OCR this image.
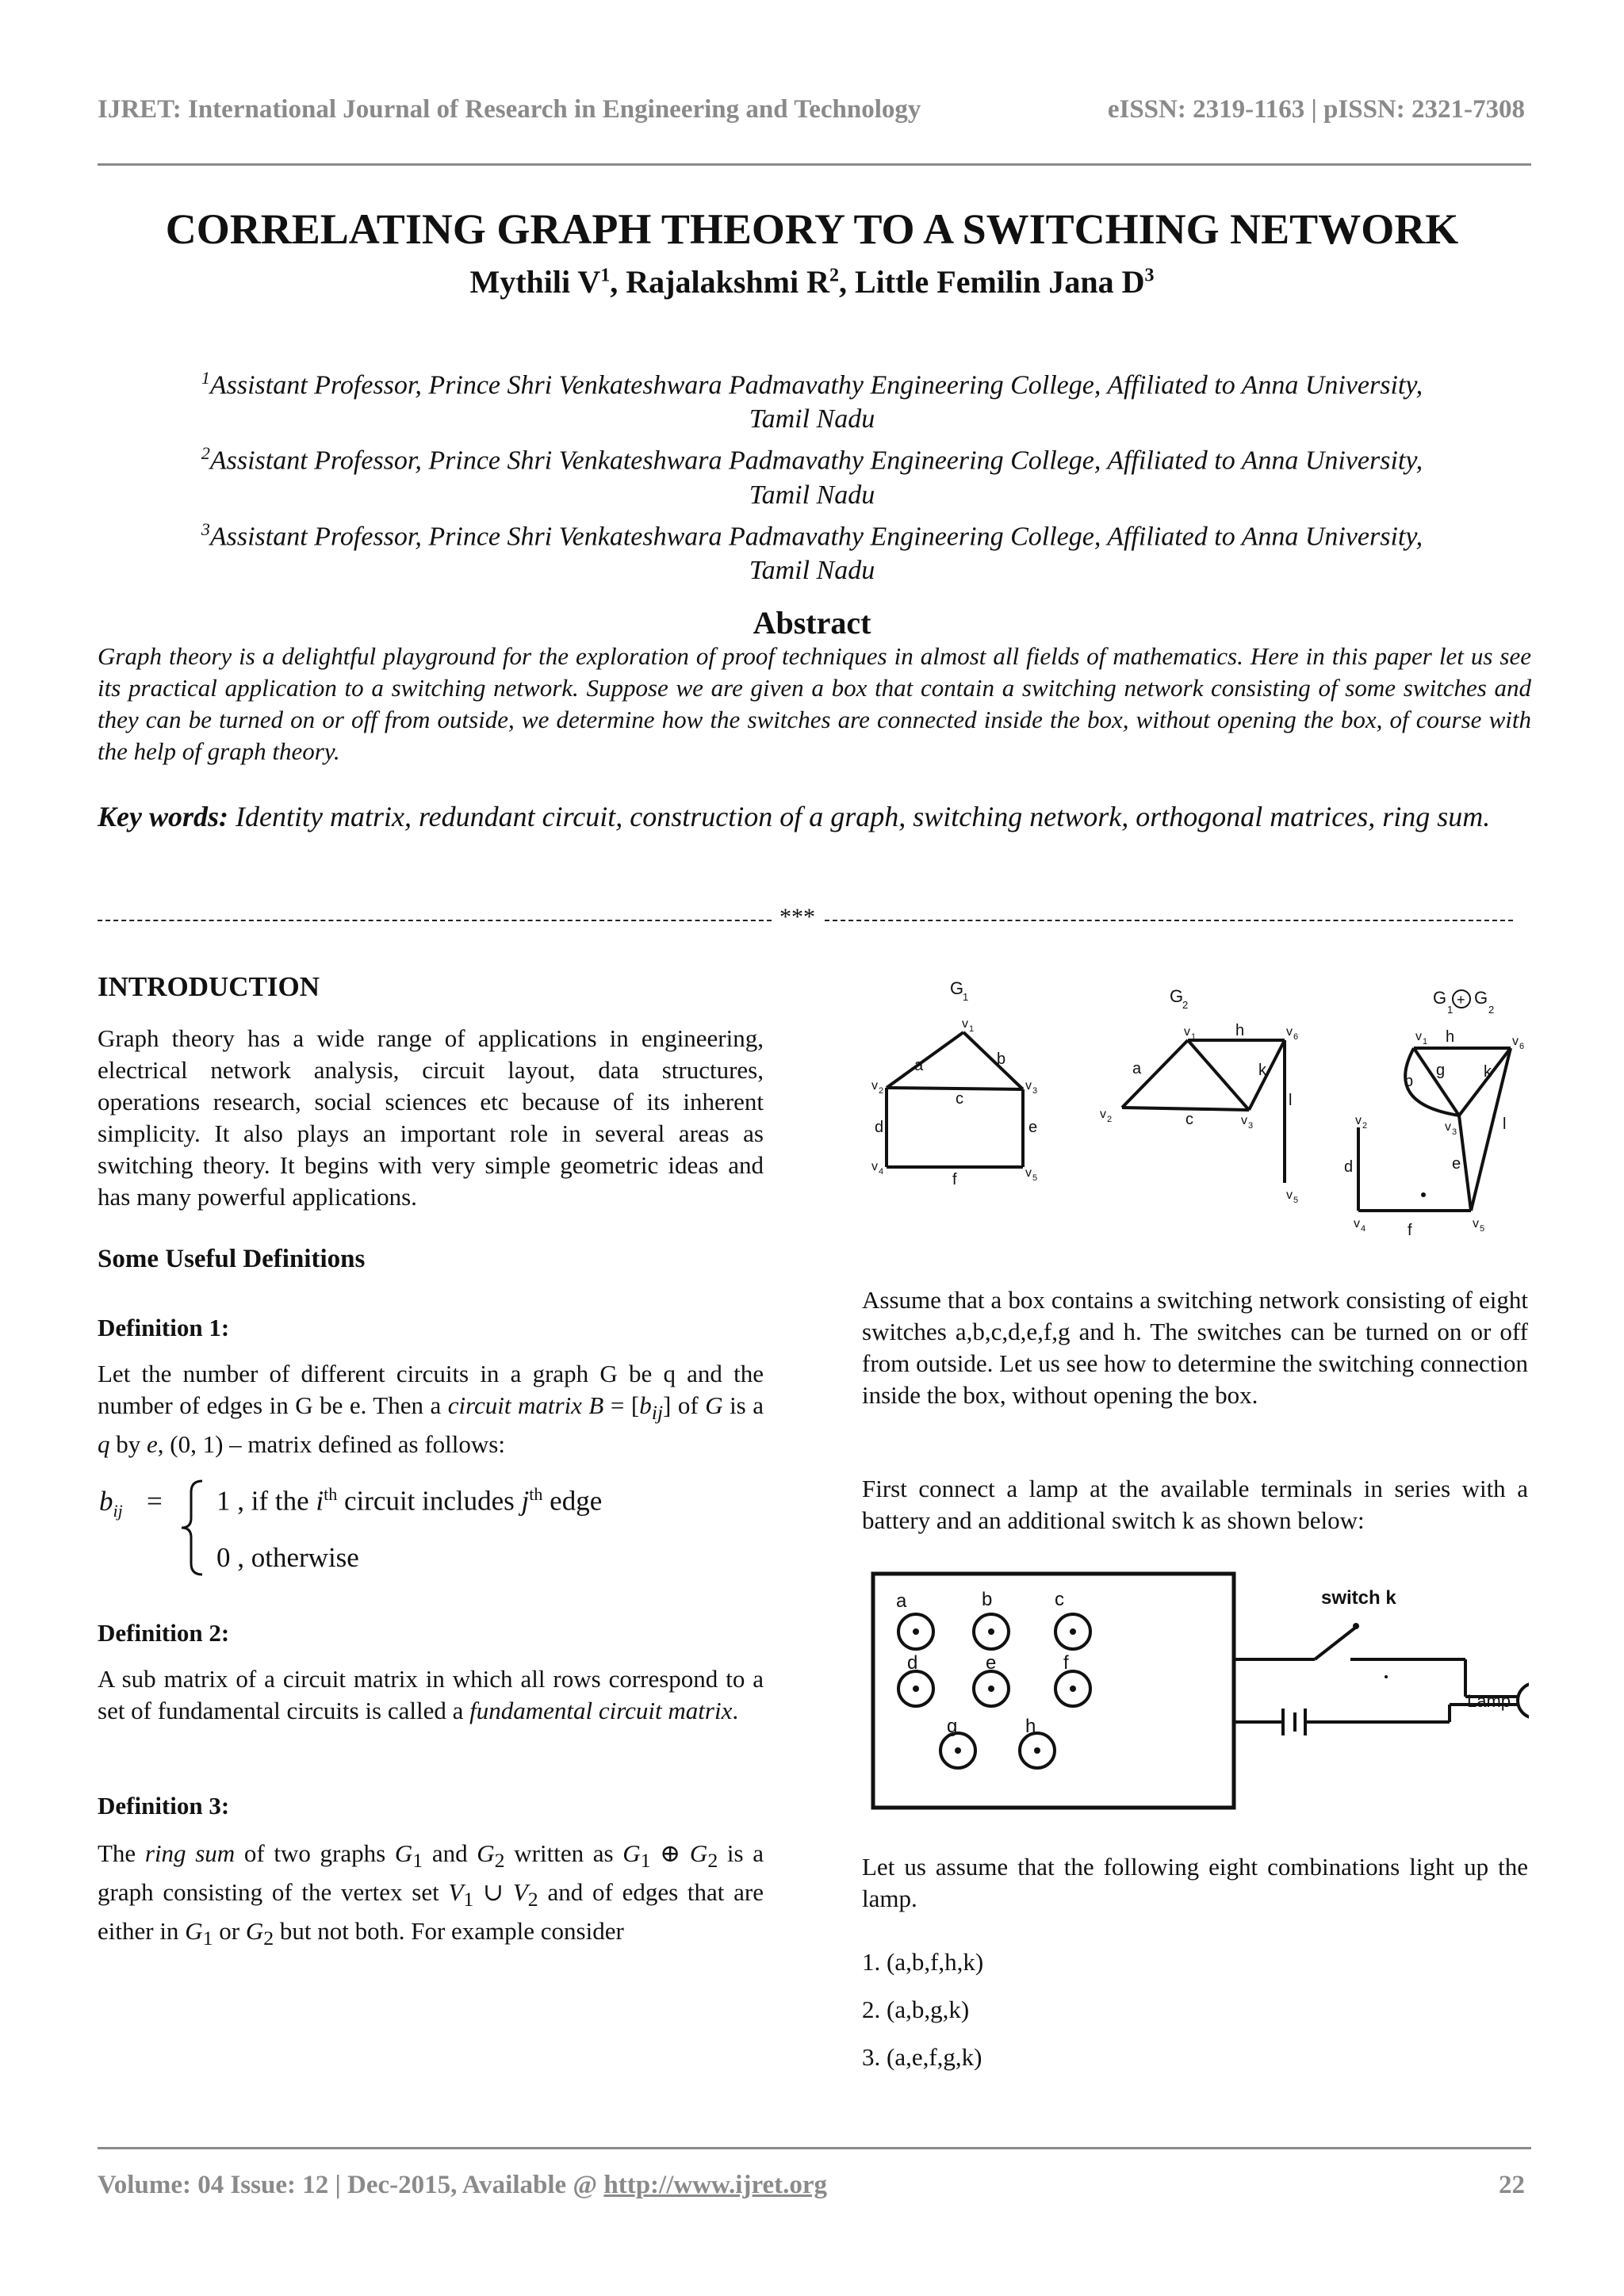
IJRET: International Journal of Research in Engineering and Technology	eISSN: 2319-1163 | pISSN: 2321-7308
CORRELATING GRAPH THEORY TO A SWITCHING NETWORK
Mythili $V^1$, Rajalakshmi $R^2$, Little Femilin Jana $D^3$
$^1$Assistant Professor, Prince Shri Venkateshwara Padmavathy Engineering College, Affiliated to Anna University,
Tamil Nadu
$^2$Assistant Professor, Prince Shri Venkateshwara Padmavathy Engineering College, Affiliated to Anna University,
Tamil Nadu
$^3$Assistant Professor, Prince Shri Venkateshwara Padmavathy Engineering College, Affiliated to Anna University,
Tamil Nadu
Abstract
Graph theory is a delightful playground for the exploration of proof techniques in almost all fields of mathematics. Here in this paper let us see its practical application to a switching network. Suppose we are given a box that contain a switching network consisting of some switches and they can be turned on or off from outside, we determine how the switches are connected inside the box, without opening the box, of course with the help of graph theory.
Key words: Identity matrix, redundant circuit, construction of a graph, switching network, orthogonal matrices, ring sum.
***
INTRODUCTION
Graph theory has a wide range of applications in engineering, electrical network analysis, circuit layout, data structures, operations research, social sciences etc because of its inherent simplicity. It also plays an important role in several areas as switching theory. It begins with very simple geometric ideas and has many powerful applications.
Some Useful Definitions
Definition 1:
Let the number of different circuits in a graph G be q and the number of edges in G be e. Then a circuit matrix $B = [b_{ij}]$ of G is a q by e, (0, 1) – matrix defined as follows:
$b_{ij} = 1$ , if the $i^{th}$ circuit includes $j^{th}$ edge
0 , otherwise
Definition 2:
A sub matrix of a circuit matrix in which all rows correspond to a set of fundamental circuits is called a fundamental circuit matrix.
Definition 3:
The ring sum of two graphs $G_1$ and $G_2$ written as $G_1$ ⊕ $G_2$ is a graph consisting of the vertex set $V_1$ ∪ $V_2$ and of edges that are either in $G_1$ or $G_2$ but not both. For example consider
G
1
a	b
c
d	e
f
v
v	v
v	v
G
2
a
c
h
k
l
v
v	v
v
v
G + G
1	2
v h	v
b
g k
v	l
e
v
d
v	f	v
1
2	3
4
5
1
2
3
6
5
1	6
3
2
4	5
Assume that a box contains a switching network consisting of eight switches a,b,c,d,e,f,g and h. The switches can be turned on or off from outside. Let us see how to determine the switching connection inside the box, without opening the box.
First connect a lamp at the available terminals in series with a battery and an additional switch k as shown below:
a	b	c
d	e	f
g	h
switch k
Lamp
Let us assume that the following eight combinations light up the lamp.
1. (a,b,f,h,k)
2. (a,b,g,k)
3. (a,e,f,g,k)
Volume: 04 Issue: 12 | Dec-2015, Available @ http://www.ijret.org	22
